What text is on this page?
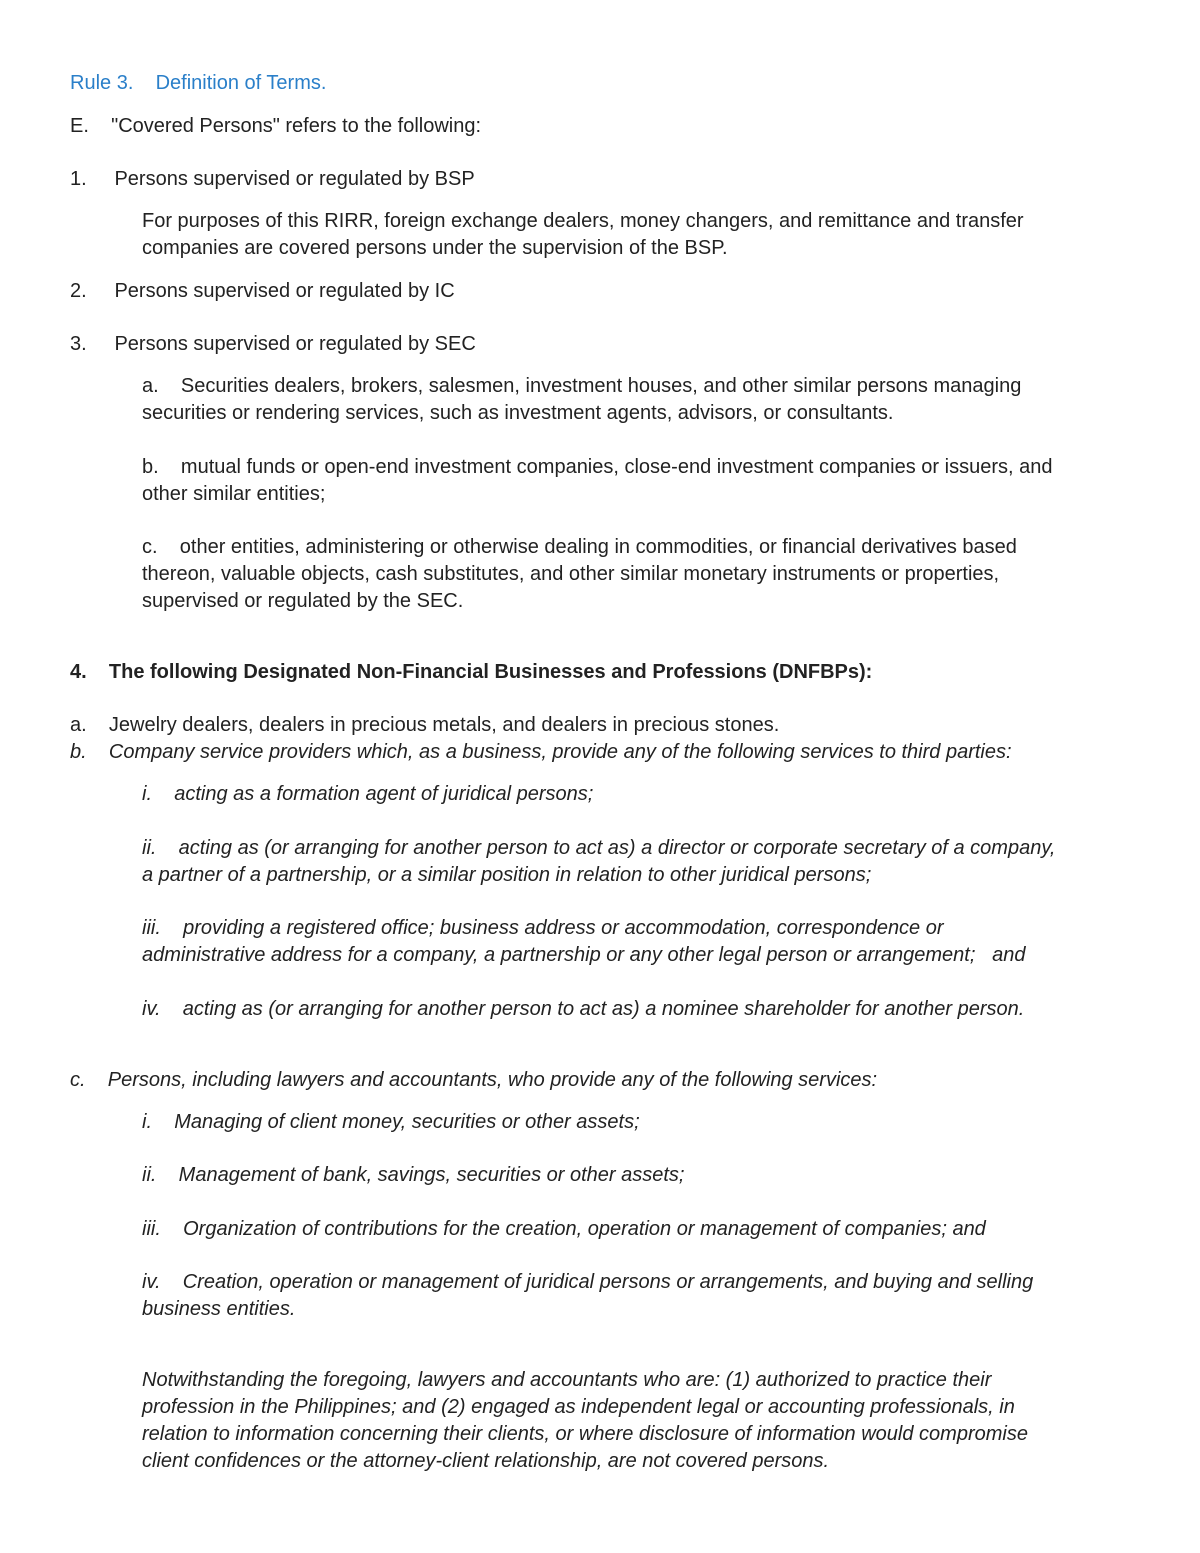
Rule 3.    Definition of Terms.
E.    "Covered Persons" refers to the following:
1.     Persons supervised or regulated by BSP
For purposes of this RIRR, foreign exchange dealers, money changers, and remittance and transfer
companies are covered persons under the supervision of the BSP.
2.     Persons supervised or regulated by IC
3.     Persons supervised or regulated by SEC
a.    Securities dealers, brokers, salesmen, investment houses, and other similar persons managing
securities or rendering services, such as investment agents, advisors, or consultants.
b.    mutual funds or open-end investment companies, close-end investment companies or issuers, and
other similar entities;
c.    other entities, administering or otherwise dealing in commodities, or financial derivatives based
thereon, valuable objects, cash substitutes, and other similar monetary instruments or properties,
supervised or regulated by the SEC.
4.    The following Designated Non-Financial Businesses and Professions (DNFBPs):
a.    Jewelry dealers, dealers in precious metals, and dealers in precious stones.
b.    Company service providers which, as a business, provide any of the following services to third parties:
i.    acting as a formation agent of juridical persons;
ii.    acting as (or arranging for another person to act as) a director or corporate secretary of a company,
a partner of a partnership, or a similar position in relation to other juridical persons;
iii.    providing a registered office; business address or accommodation, correspondence or
administrative address for a company, a partnership or any other legal person or arrangement;   and
iv.    acting as (or arranging for another person to act as) a nominee shareholder for another person.
c.    Persons, including lawyers and accountants, who provide any of the following services:
i.    Managing of client money, securities or other assets;
ii.    Management of bank, savings, securities or other assets;
iii.    Organization of contributions for the creation, operation or management of companies; and
iv.    Creation, operation or management of juridical persons or arrangements, and buying and selling
business entities.
Notwithstanding the foregoing, lawyers and accountants who are: (1) authorized to practice their
profession in the Philippines; and (2) engaged as independent legal or accounting professionals, in
relation to information concerning their clients, or where disclosure of information would compromise
client confidences or the attorney-client relationship, are not covered persons.
